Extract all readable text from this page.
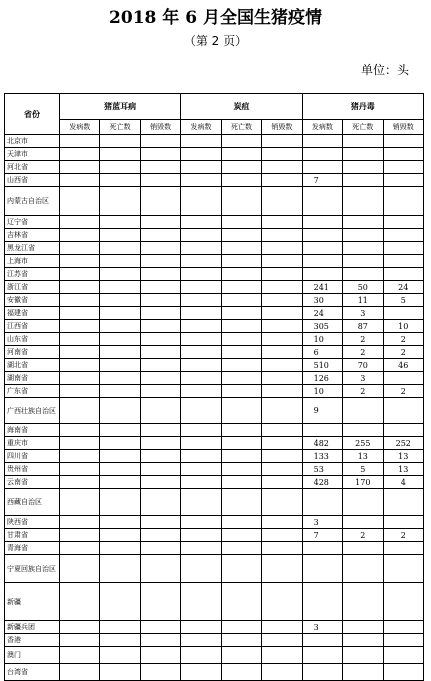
2018 年 6 月全国生猪疫情
（第 2 页）
单位：头
省份	猪蓝耳病			炭疽			猪丹毒		
	发病数	死亡数	销毁数	发病数	死亡数	销毁数	发病数	死亡数	销毁数
北京市									
天津市									
河北省									
山西省							7		
内蒙古自治区									
辽宁省									
吉林省									
黑龙江省									
上海市									
江苏省									
浙江省							241	50	24
安徽省							30	11	5
福建省							24	3	
江西省							305	87	10
山东省							10	2	2
河南省							6	2	2
湖北省							510	70	46
湖南省							126	3	
广东省							10	2	2
广西壮族自治区							9		
海南省									
重庆市							482	255	252
四川省							133	13	13
贵州省							53	5	13
云南省							428	170	4
西藏自治区									
陕西省							3		
甘肃省							7	2	2
青海省									
宁夏回族自治区									
新疆									
新疆兵团							3		
香港									
澳门									
台湾省									
